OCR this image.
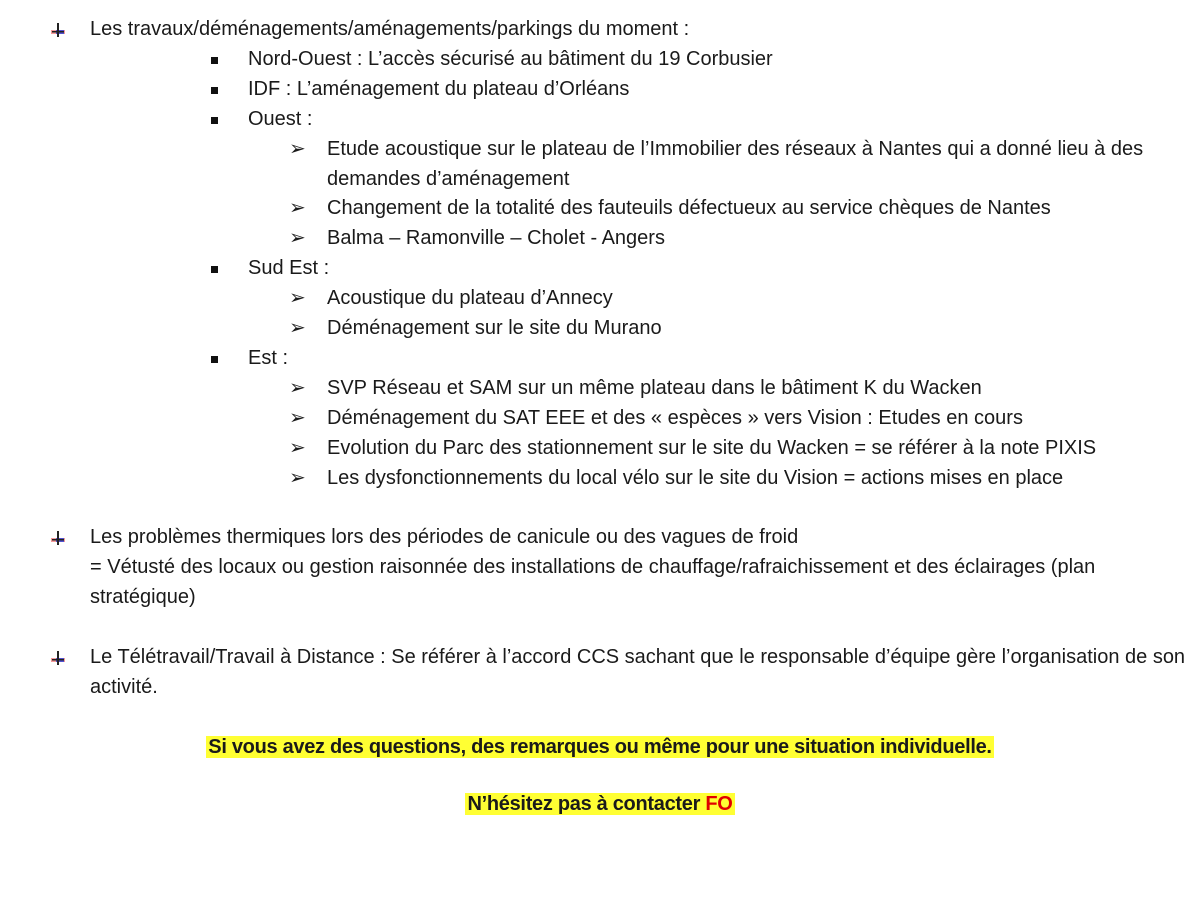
Les travaux/déménagements/aménagements/parkings du moment :
Nord-Ouest : L’accès sécurisé au bâtiment du 19 Corbusier
IDF : L’aménagement du plateau d’Orléans
Ouest :
➢ Etude acoustique sur le plateau de l’Immobilier des réseaux à Nantes qui a donné lieu à des demandes d’aménagement
➢ Changement de la totalité des fauteuils défectueux au service chèques de Nantes
➢ Balma – Ramonville – Cholet - Angers
Sud Est :
➢ Acoustique du plateau d’Annecy
➢ Déménagement sur le site du Murano
Est :
➢ SVP Réseau et SAM sur un même plateau dans le bâtiment K du Wacken
➢ Déménagement du SAT EEE et des « espèces » vers Vision : Etudes en cours
➢ Evolution du Parc des stationnement sur le site du Wacken = se référer à la note PIXIS
➢ Les dysfonctionnements du local vélo sur le site du Vision = actions mises en place
Les problèmes thermiques lors des périodes de canicule ou des vagues de froid
= Vétusté des locaux ou gestion raisonnée des installations de chauffage/rafraichissement et des éclairages (plan stratégique)
Le Télétravail/Travail à Distance : Se référer à l’accord CCS sachant que le responsable d’équipe gère l’organisation de son activité.
Si vous avez des questions, des remarques ou même pour une situation individuelle.
N’hésitez pas à contacter FO
